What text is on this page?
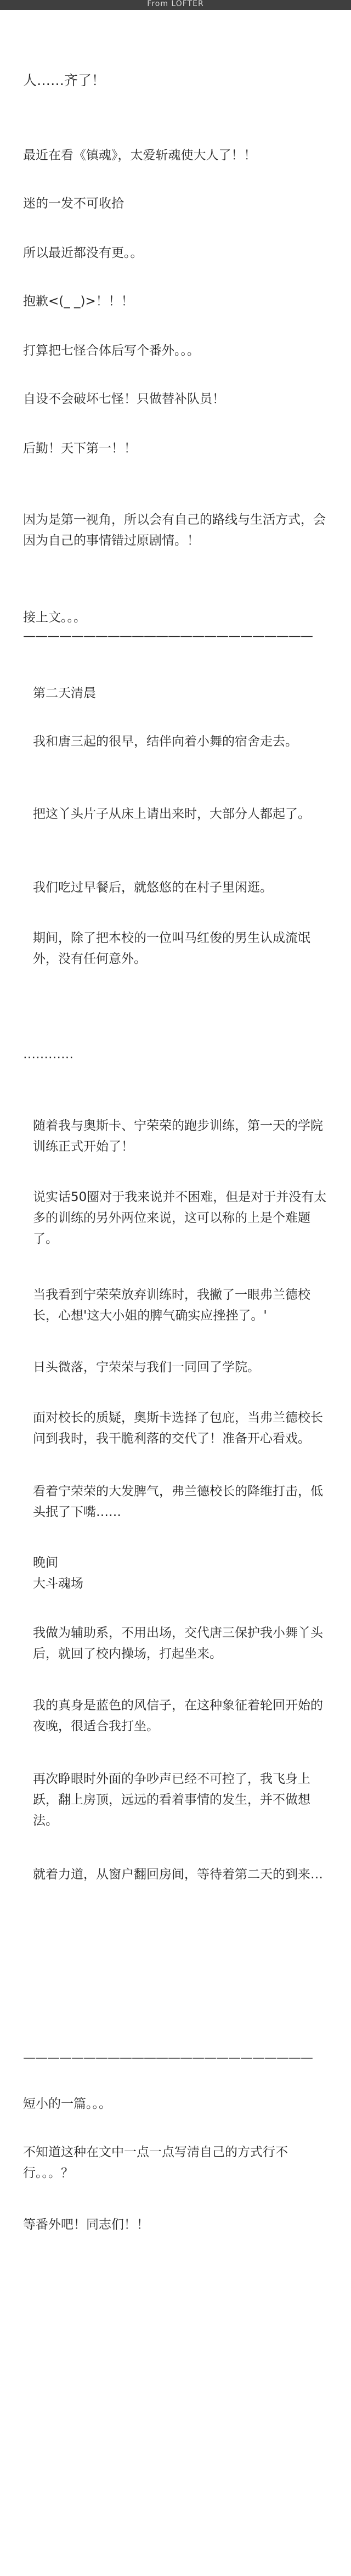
From LOFTER

人……齐了！

最近在看《镇魂》，太爱斩魂使大人了！！

迷的一发不可收拾

所以最近都没有更。。

抱歉<(_ _)>！！！

打算把七怪合体后写个番外。。。

自设不会破坏七怪！只做替补队员！

后勤！天下第一！！

因为是第一视角，所以会有自己的路线与生活方式，会因为自己的事情错过原剧情。！

接上文。。。

————————————————————————

第二天清晨

我和唐三起的很早，结伴向着小舞的宿舍走去。

把这丫头片子从床上请出来时，大部分人都起了。

我们吃过早餐后，就悠悠的在村子里闲逛。

期间，除了把本校的一位叫马红俊的男生认成流氓外，没有任何意外。

…………

随着我与奥斯卡、宁荣荣的跑步训练，第一天的学院训练正式开始了！

说实话50圈对于我来说并不困难，但是对于并没有太多的训练的另外两位来说，这可以称的上是个难题了。

当我看到宁荣荣放弃训练时，我撇了一眼弗兰德校长，心想'这大小姐的脾气确实应挫挫了。'

日头微落，宁荣荣与我们一同回了学院。

面对校长的质疑，奥斯卡选择了包庇，当弗兰德校长问到我时，我干脆利落的交代了！准备开心看戏。

看着宁荣荣的大发脾气，弗兰德校长的降维打击，低头抿了下嘴……

晚间
大斗魂场

我做为辅助系，不用出场，交代唐三保护我小舞丫头后，就回了校内操场，打起坐来。

我的真身是蓝色的风信子，在这种象征着轮回开始的夜晚，很适合我打坐。

再次睁眼时外面的争吵声已经不可控了，我飞身上跃，翻上房顶，远远的看着事情的发生，并不做想法。

就着力道，从窗户翻回房间，等待着第二天的到来…

————————————————————————

短小的一篇。。。

不知道这种在文中一点一点写清自己的方式行不行。。。？

等番外吧！同志们！！
